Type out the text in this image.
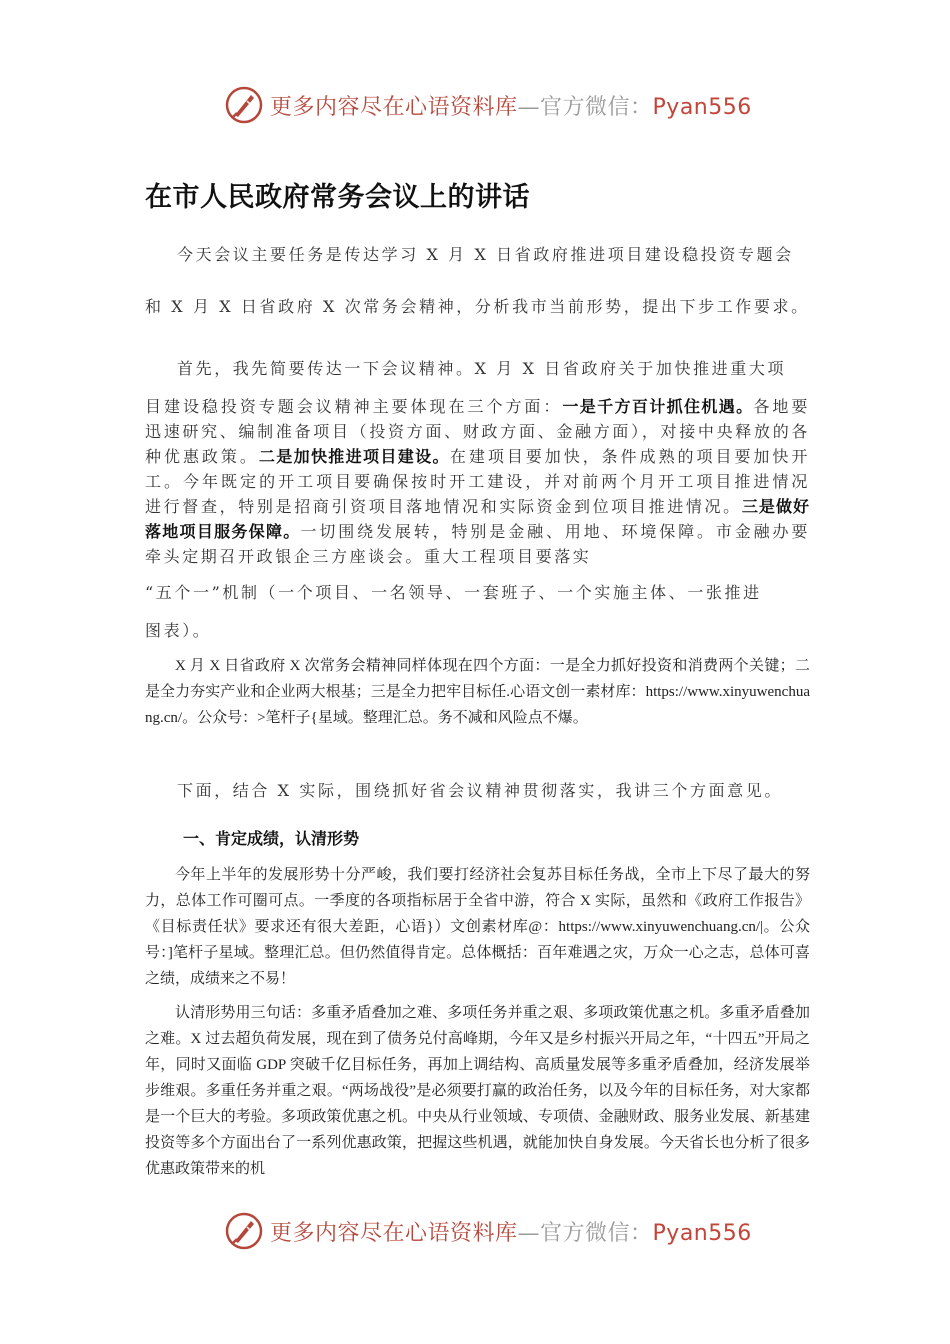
更多内容尽在心语资料库—官方微信：Pyan556
在市人民政府常务会议上的讲话

今天会议主要任务是传达学习 X 月 X 日省政府推进项目建设稳投资专题会

和 X 月 X 日省政府 X 次常务会精神，分析我市当前形势，提出下步工作要求。

首先，我先简要传达一下会议精神。X 月 X 日省政府关于加快推进重大项

目建设稳投资专题会议精神主要体现在三个方面：一是千方百计抓住机遇。各地要迅速研究、编制准备项目（投资方面、财政方面、金融方面），对接中央释放的各种优惠政策。二是加快推进项目建设。在建项目要加快，条件成熟的项目要加快开工。今年既定的开工项目要确保按时开工建设，并对前两个月开工项目推进情况进行督查，特别是招商引资项目落地情况和实际资金到位项目推进情况。三是做好落地项目服务保障。一切围绕发展转，特别是金融、用地、环境保障。市金融办要牵头定期召开政银企三方座谈会。重大工程项目要落实

“五个一”机制（一个项目、一名领导、一套班子、一个实施主体、一张推进

图表）。

X 月 X 日省政府 X 次常务会精神同样体现在四个方面：一是全力抓好投资和消费两个关键；二是全力夯实产业和企业两大根基；三是全力把牢目标任.心语文创一素材库：https://www.xinyuwenchuang.cn/。公众号：>笔杆子{星域。整理汇总。务不减和风险点不爆。

下面，结合 X 实际，围绕抓好省会议精神贯彻落实，我讲三个方面意见。

一、肯定成绩，认清形势

今年上半年的发展形势十分严峻，我们要打经济社会复苏目标任务战，全市上下尽了最大的努力，总体工作可圈可点。一季度的各项指标居于全省中游，符合 X 实际，虽然和《政府工作报告》《目标责任状》要求还有很大差距，心语}）文创素材库@：https://www.xinyuwenchuang.cn/|。公众号：]笔杆子星域。整理汇总。但仍然值得肯定。总体概括：百年难遇之灾，万众一心之志，总体可喜之绩，成绩来之不易！

认清形势用三句话：多重矛盾叠加之难、多项任务并重之艰、多项政策优惠之机。多重矛盾叠加之难。X 过去超负荷发展，现在到了债务兑付高峰期，今年又是乡村振兴开局之年，“十四五”开局之年，同时又面临 GDP 突破千亿目标任务，再加上调结构、高质量发展等多重矛盾叠加，经济发展举步维艰。多重任务并重之艰。“两场战役”是必须要打赢的政治任务，以及今年的目标任务，对大家都是一个巨大的考验。多项政策优惠之机。中央从行业领域、专项债、金融财政、服务业发展、新基建投资等多个方面出台了一系列优惠政策，把握这些机遇，就能加快自身发展。今天省长也分析了很多优惠政策带来的机

更多内容尽在心语资料库—官方微信：Pyan556
